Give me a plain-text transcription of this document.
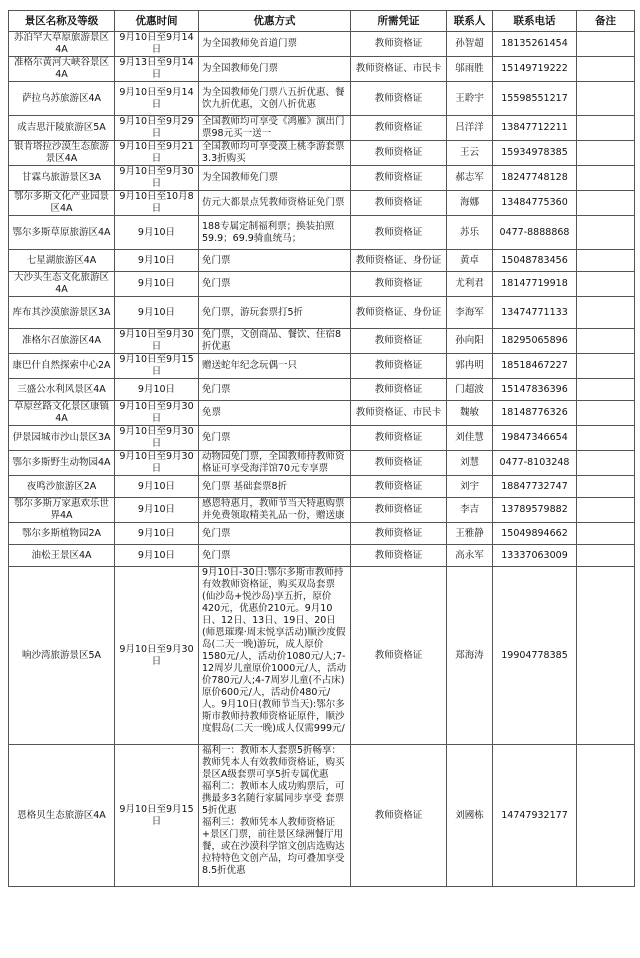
景区名称及等级	优惠时间	优惠方式	所需凭证	联系人	联系电话	备注
苏泊罕大草原旅游景区4A	9月10日至9月14日	为全国教师免首道门票	教师资格证	孙智超	18135261454	
准格尔黄河大峡谷景区4A	9月13日至9月14日	为全国教师免门票	教师资格证、市民卡	邬雨胜	15149719222	
萨拉乌苏旅游区4A	9月10日至9月14日	为全国教师免门票八五折优惠、餐饮九折优惠，文创八折优惠	教师资格证	王聆宇	15598551217	
成吉思汗陵旅游区5A	9月10日至9月29日	全国教师均可享受《鸿雁》演出门票98元买一送一	教师资格证	吕洋洋	13847712211	
银肯塔拉沙漠生态旅游景区4A	9月10日至9月21日	全国教师均可享受漠上桃李游套票3.3折购买	教师资格证	王云	15934978385	
甘霖乌旅游景区3A	9月10日至9月30日	为全国教师免门票	教师资格证	郝志军	18247748128	
鄂尔多斯文化产业园景区4A	9月10日至10月8日	仿元大都景点凭教师资格证免门票	教师资格证	海娜	13484775360	
鄂尔多斯草原旅游区4A	9月10日	188专属定制福利票；换装拍照59.9；69.9骑血统马；	教师资格证	苏乐	0477-8888868	
七星湖旅游区4A	9月10日	免门票	教师资格证、身份证	黄卓	15048783456	
大沙头生态文化旅游区4A	9月10日	免门票	教师资格证	尤利君	18147719918	
库布其沙漠旅游景区3A	9月10日	免门票，游玩套票打5折	教师资格证、身份证	李海军	13474771133	
准格尔召旅游区4A	9月10日至9月30日	免门票，文创商品、餐饮、住宿8折优惠	教师资格证	孙向阳	18295065896	
康巴什自然探索中心2A	9月10日至9月15日	赠送蛇年纪念玩偶一只	教师资格证	郭冉明	18518467227	
三盛公水利风景区4A	9月10日	免门票	教师资格证	门超波	15147836396	
草原丝路文化景区康镇4A	9月10日至9月30日	免票	教师资格证、市民卡	魏敏	18148776326	
伊景园城市沙山景区3A	9月10日至9月30日	免门票	教师资格证	刘佳慧	19847346654	
鄂尔多斯野生动物园4A	9月10日至9月30日	动物园免门票，全国教师持教师资格证可享受海洋馆70元专享票	教师资格证	刘慧	0477-8103248	
夜鸣沙旅游区2A	9月10日	免门票 基础套票8折	教师资格证	刘宇	18847732747	
鄂尔多斯万家惠欢乐世界4A	9月10日	感恩特惠月，教师节当天特惠购票并免费领取精美礼品一份，赠送康	教师资格证	李吉	13789579882	
鄂尔多斯植物园2A	9月10日	免门票	教师资格证	王雅静	15049894662	
油松王景区4A	9月10日	免门票	教师资格证	高永军	13337063009	
响沙湾旅游景区5A	9月10日至9月30日	9月10日-30日:鄂尔多斯市教师持有效教师资格证，购买双岛套票(仙沙岛+悦沙岛)享五折，原价420元，优惠价210元。9月10日、12日、13日、19日、20日(师恩璀璨·周末悦享活动)顺沙度假岛(二天一晚)游玩，成人原价1580元/人，活动价1080元/人;7-12周岁儿童原价1000元/人，活动价780元/人;4-7周岁儿童(不占床)原价600元/人，活动价480元/人。9月10日(教师节当天):鄂尔多斯市教师持教师资格证原件，顺沙度假岛(二天一晚)成人仅需999元/	教师资格证	郑海涛	19904778385	
恩格贝生态旅游区4A	9月10日至9月15日	福利一：教师本人套票5折畅享：教师凭本人有效教师资格证，购买景区A级套票可享5折专属优惠
福利二：教师本人成功购票后，可携最多3名随行家属同步享受 套票5折优惠
福利三：教师凭本人教师资格证+景区门票，前往景区绿洲餐厅用餐，或在沙漠科学馆文创店选购达拉特特色文创产品，均可叠加享受8.5折优惠	教师资格证	刘國栋	14747932177	
